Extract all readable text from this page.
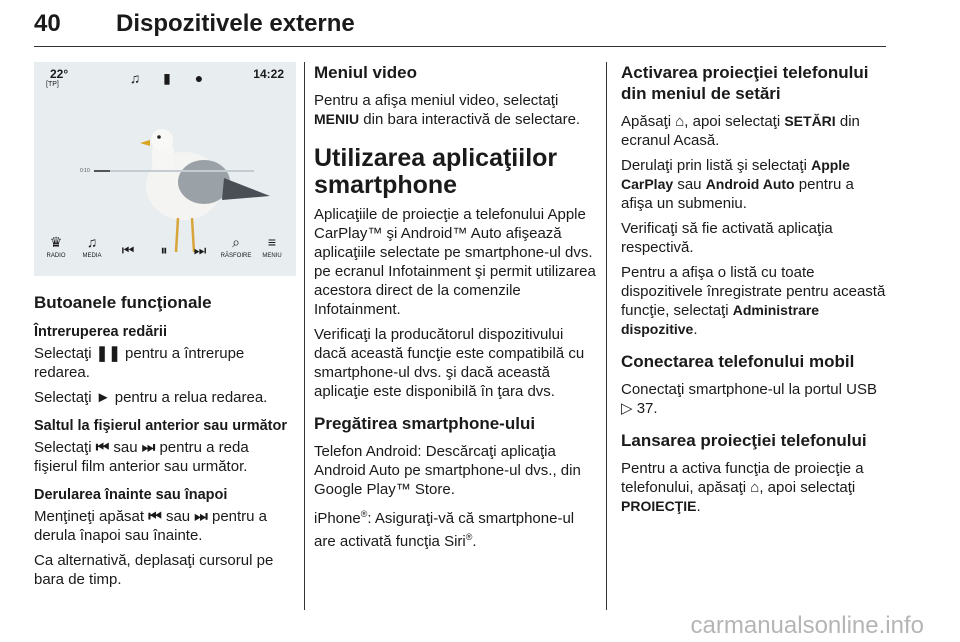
40 Dispozitivele externe
22°
[TP]	♫	▮	●	14:22
0:10
♛
RADIO
♫
MEDIA	⏮	⏸	⏭	⌕
RĂSFOIRE
≡
MENIU
Butoanele funcţionale
Întreruperea redării

Selectaţi ❚❚ pentru a întrerupe redarea.

Selectaţi ► pentru a relua redarea.

Saltul la fişierul anterior sau următor

Selectaţi ⏮ sau ⏭ pentru a reda fişierul film anterior sau următor.

Derularea înainte sau înapoi

Menţineţi apăsat ⏮ sau ⏭ pentru a derula înapoi sau înainte.

Ca alternativă, deplasaţi cursorul pe bara de timp.

Meniul video

Pentru a afişa meniul video, selectaţi MENIU din bara interactivă de selectare.

Utilizarea aplicaţiilor smartphone

Aplicaţiile de proiecţie a telefonului Apple CarPlay™ şi Android™ Auto afişează aplicaţiile selectate pe smartphone-ul dvs. pe ecranul Infotainment şi permit utilizarea acestora direct de la comenzile Infotainment.

Verificaţi la producătorul dispozitivului dacă această funcţie este compatibilă cu smartphone-ul dvs. şi dacă această aplicaţie este disponibilă în ţara dvs.

Pregătirea smartphone-ului

Telefon Android: Descărcaţi aplicaţia Android Auto pe smartphone-ul dvs., din Google Play™ Store.

iPhone®: Asiguraţi-vă că smartphone-ul are activată funcţia Siri®.

Activarea proiecţiei telefonului din meniul de setări

Apăsaţi ⌂, apoi selectaţi SETĂRI din ecranul Acasă.

Derulaţi prin listă şi selectaţi Apple CarPlay sau Android Auto pentru a afişa un submeniu.

Verificaţi să fie activată aplicaţia respectivă.

Pentru a afişa o listă cu toate dispozitivele înregistrate pentru această funcţie, selectaţi Administrare dispozitive.

Conectarea telefonului mobil

Conectaţi smartphone-ul la portul USB ▷ 37.

Lansarea proiecţiei telefonului

Pentru a activa funcţia de proiecţie a telefonului, apăsaţi ⌂, apoi selectaţi PROIECŢIE.

carmanualsonline.info
